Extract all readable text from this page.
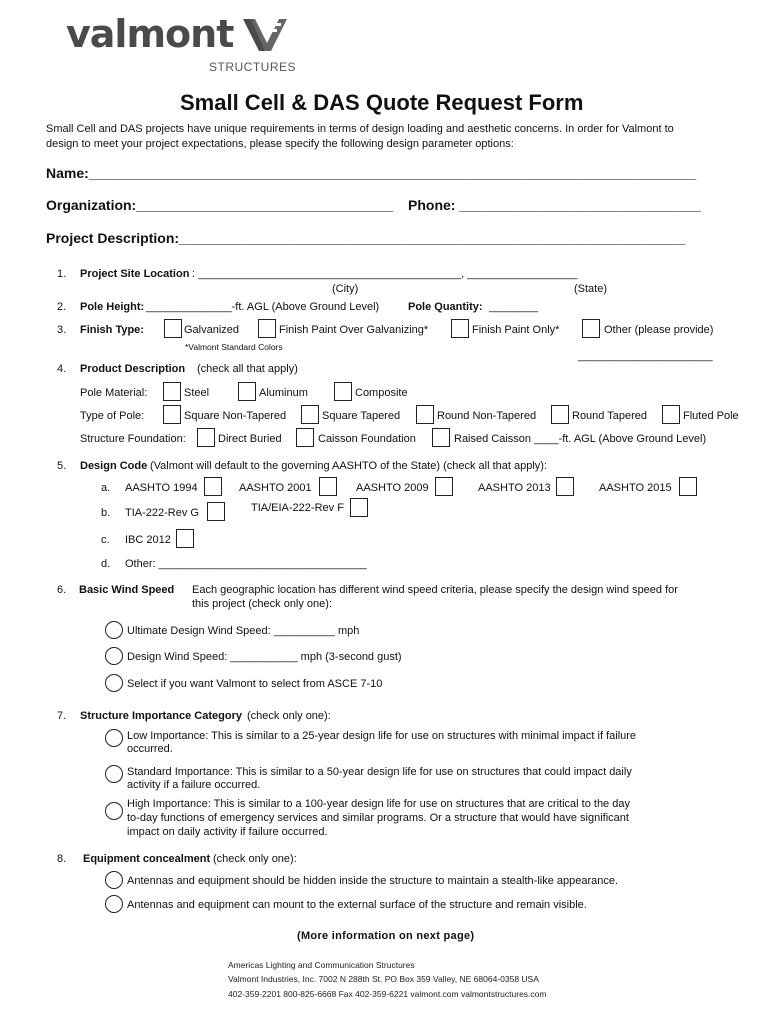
valmont
STRUCTURES
Small Cell & DAS Quote Request Form
Small Cell and DAS projects have unique requirements in terms of design loading and aesthetic concerns. In order for Valmont to
design to meet your project expectations, please specify the following design parameter options:
Name:______________________________________________________________________________
Organization:_________________________________ Phone: _______________________________
Project Description:_________________________________________________________________
1. Project Site Location : ___________________________________________, __________________
(City)	(State)
2. Pole Height: ______________-ft. AGL (Above Ground Level)	Pole Quantity: ________
3. Finish Type:	Galvanized	Finish Paint Over Galvanizing*	Finish Paint Only*	Other (please provide)
*Valmont Standard Colors
______________________
4. Product Description (check all that apply)
Pole Material:	Steel	Aluminum	Composite
Type of Pole:	Square Non-Tapered	Square Tapered	Round Non-Tapered	Round Tapered	Fluted Pole
Structure Foundation:	Direct Buried	Caisson Foundation	Raised Caisson ____-ft. AGL (Above Ground Level)
5. Design Code (Valmont will default to the governing AASHTO of the State) (check all that apply):
a. AASHTO 1994	AASHTO 2001	AASHTO 2009	AASHTO 2013	AASHTO 2015
b. TIA-222-Rev G	TIA/EIA-222-Rev F
c. IBC 2012
d. Other: __________________________________
6. Basic Wind Speed Each geographic location has different wind speed criteria, please specify the design wind speed for
this project (check only one):
Ultimate Design Wind Speed: __________ mph
Design Wind Speed: ___________ mph (3-second gust)
Select if you want Valmont to select from ASCE 7-10
7. Structure Importance Category (check only one):
Low Importance: This is similar to a 25-year design life for use on structures with minimal impact if failure
occurred.
Standard Importance: This is similar to a 50-year design life for use on structures that could impact daily
activity if a failure occurred.
High Importance: This is similar to a 100-year design life for use on structures that are critical to the day
to-day functions of emergency services and similar programs. Or a structure that would have significant
impact on daily activity if failure occurred.
8. Equipment concealment (check only one):
Antennas and equipment should be hidden inside the structure to maintain a stealth-like appearance.
Antennas and equipment can mount to the external surface of the structure and remain visible.
(More information on next page)
Americas Lighting and Communication Structures
Valmont Industries, Inc. 7002 N 288th St. PO Box 359 Valley, NE 68064-0358 USA
402-359-2201 800-825-6668 Fax 402-359-6221 valmont.com valmontstructures.com
